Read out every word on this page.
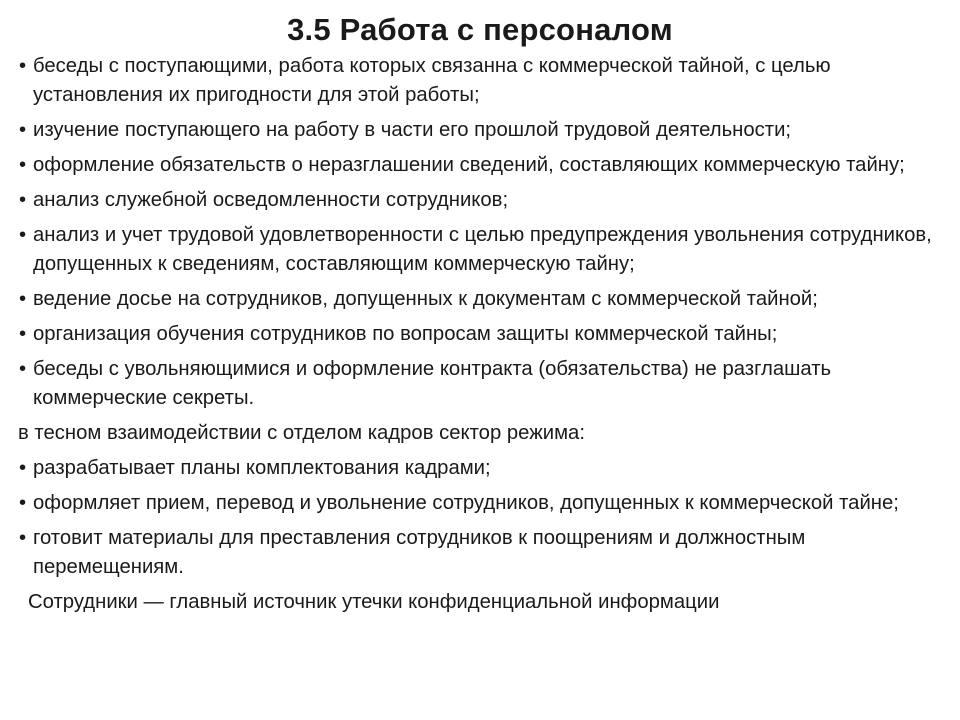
3.5 Работа с персоналом
• беседы с поступающими, работа которых связанна с коммерческой тайной, с целью установления их пригодности для этой работы;
• изучение поступающего на работу в части его прошлой трудовой деятельности;
• оформление обязательств о неразглашении сведений, составляющих коммерческую тайну;
• анализ служебной осведомленности сотрудников;
• анализ и учет трудовой удовлетворенности с целью предупреждения увольнения сотрудников, допущенных к сведениям, составляющим коммерческую тайну;
• ведение досье на сотрудников, допущенных к документам с коммерческой тайной;
• организация обучения сотрудников по вопросам защиты коммерческой тайны;
• беседы с увольняющимися и оформление контракта (обязательства) не разглашать коммерческие секреты.
в тесном взаимодействии с отделом кадров сектор режима:
• разрабатывает планы комплектования кадрами;
• оформляет прием, перевод и увольнение сотрудников, допущенных к коммерческой тайне;
• готовит материалы для преставления сотрудников к поощрениям и должностным перемещениям.
Сотрудники — главный источник утечки конфиденциальной информации
